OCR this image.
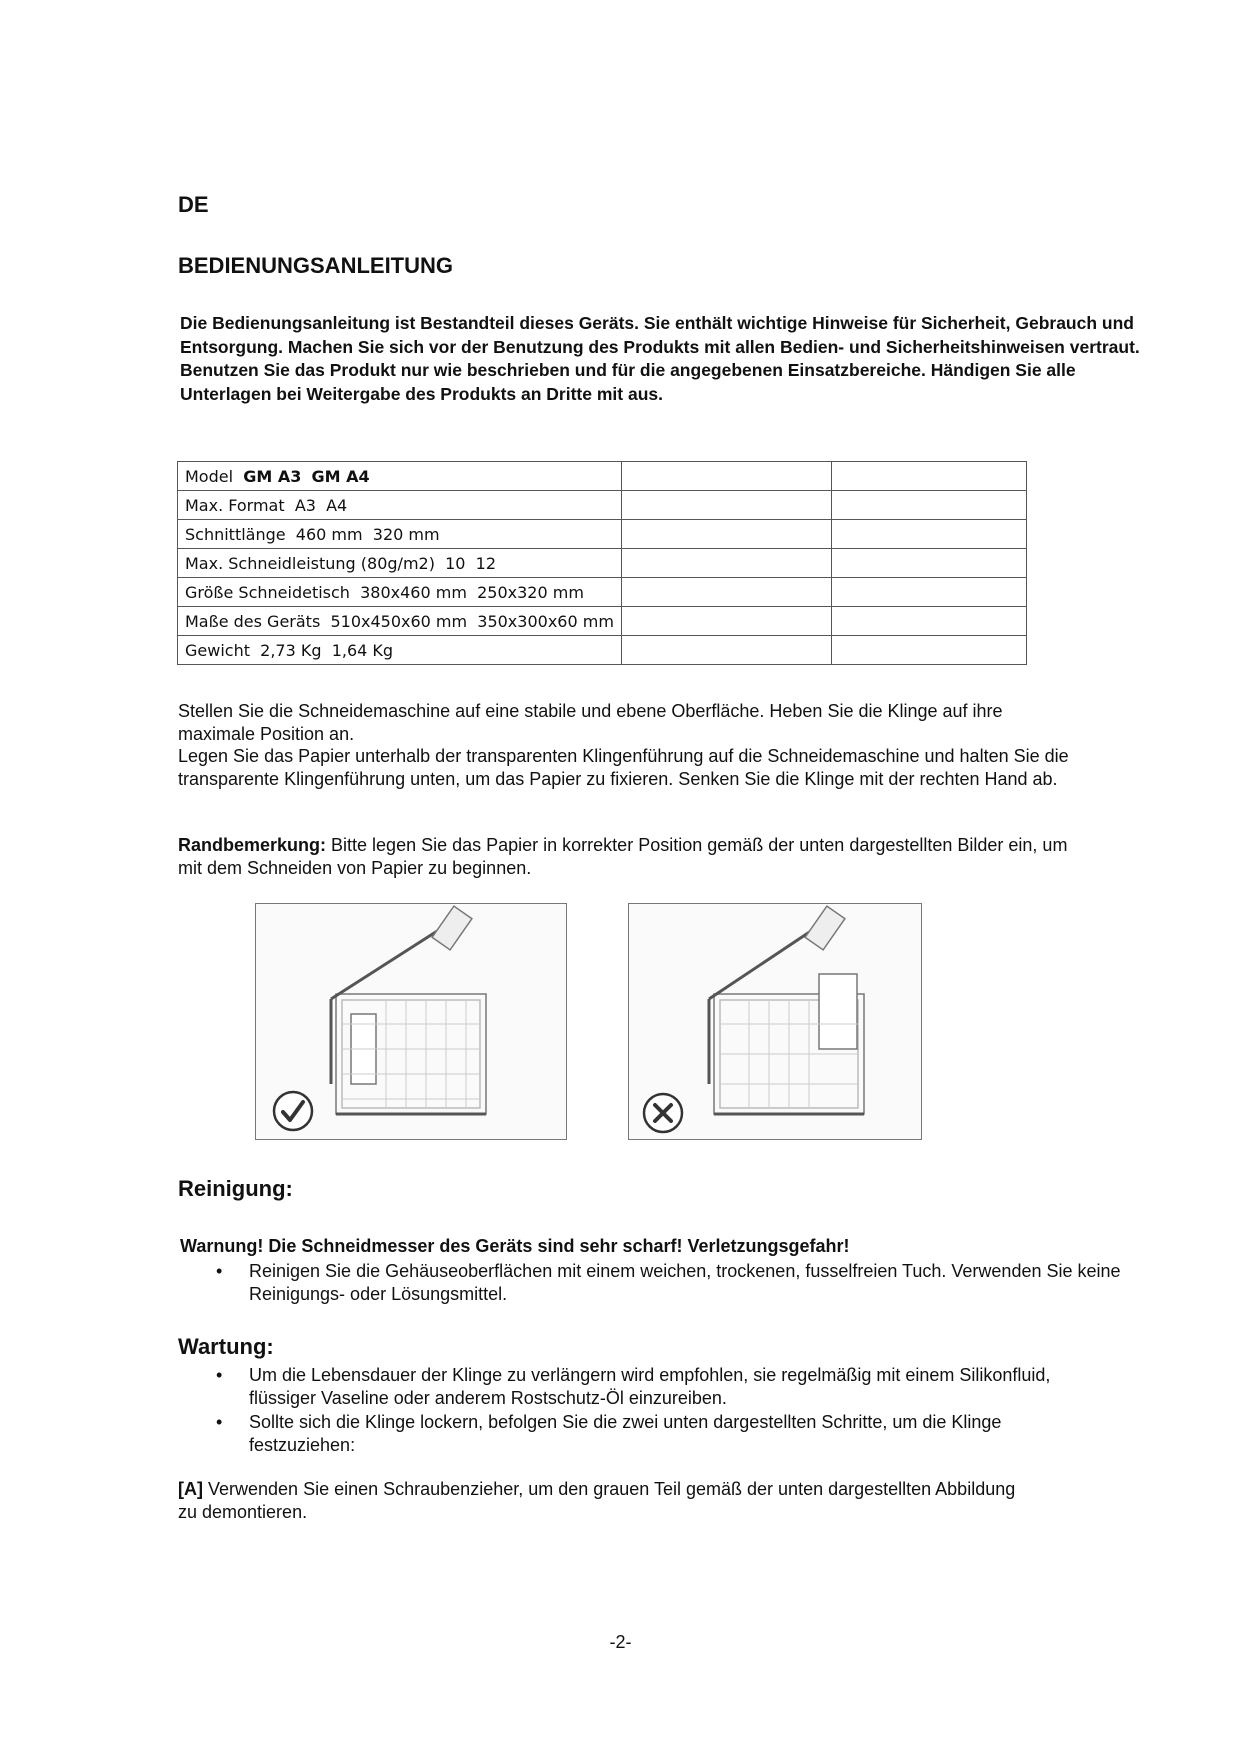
DE
BEDIENUNGSANLEITUNG
Die Bedienungsanleitung ist Bestandteil dieses Geräts. Sie enthält wichtige Hinweise für Sicherheit, Gebrauch und Entsorgung. Machen Sie sich vor der Benutzung des Produkts mit allen Bedien- und Sicherheitshinweisen vertraut. Benutzen Sie das Produkt nur wie beschrieben und für die angegebenen Einsatzbereiche. Händigen Sie alle Unterlagen bei Weitergabe des Produkts an Dritte mit aus.
Model GM A3 GM A4		
Max. Format A3 A4		
Schnittlänge 460 mm 320 mm		
Max. Schneidleistung (80g/m2) 10 12		
Größe Schneidetisch 380x460 mm 250x320 mm		
Maße des Geräts 510x450x60 mm 350x300x60 mm		
Gewicht 2,73 Kg 1,64 Kg		
Stellen Sie die Schneidemaschine auf eine stabile und ebene Oberfläche. Heben Sie die Klinge auf ihre maximale Position an.
Legen Sie das Papier unterhalb der transparenten Klingenführung auf die Schneidemaschine und halten Sie die transparente Klingenführung unten, um das Papier zu fixieren. Senken Sie die Klinge mit der rechten Hand ab.
Randbemerkung: Bitte legen Sie das Papier in korrekter Position gemäß der unten dargestellten Bilder ein, um mit dem Schneiden von Papier zu beginnen.
Reinigung:
Warnung! Die Schneidmesser des Geräts sind sehr scharf! Verletzungsgefahr!
• Reinigen Sie die Gehäuseoberflächen mit einem weichen, trockenen, fusselfreien Tuch. Verwenden Sie keine Reinigungs- oder Lösungsmittel.
Wartung:
• Um die Lebensdauer der Klinge zu verlängern wird empfohlen, sie regelmäßig mit einem Silikonfluid, flüssiger Vaseline oder anderem Rostschutz-Öl einzureiben.
• Sollte sich die Klinge lockern, befolgen Sie die zwei unten dargestellten Schritte, um die Klinge festzuziehen:
[A] Verwenden Sie einen Schraubenzieher, um den grauen Teil gemäß der unten dargestellten Abbildung zu demontieren.
-2-
